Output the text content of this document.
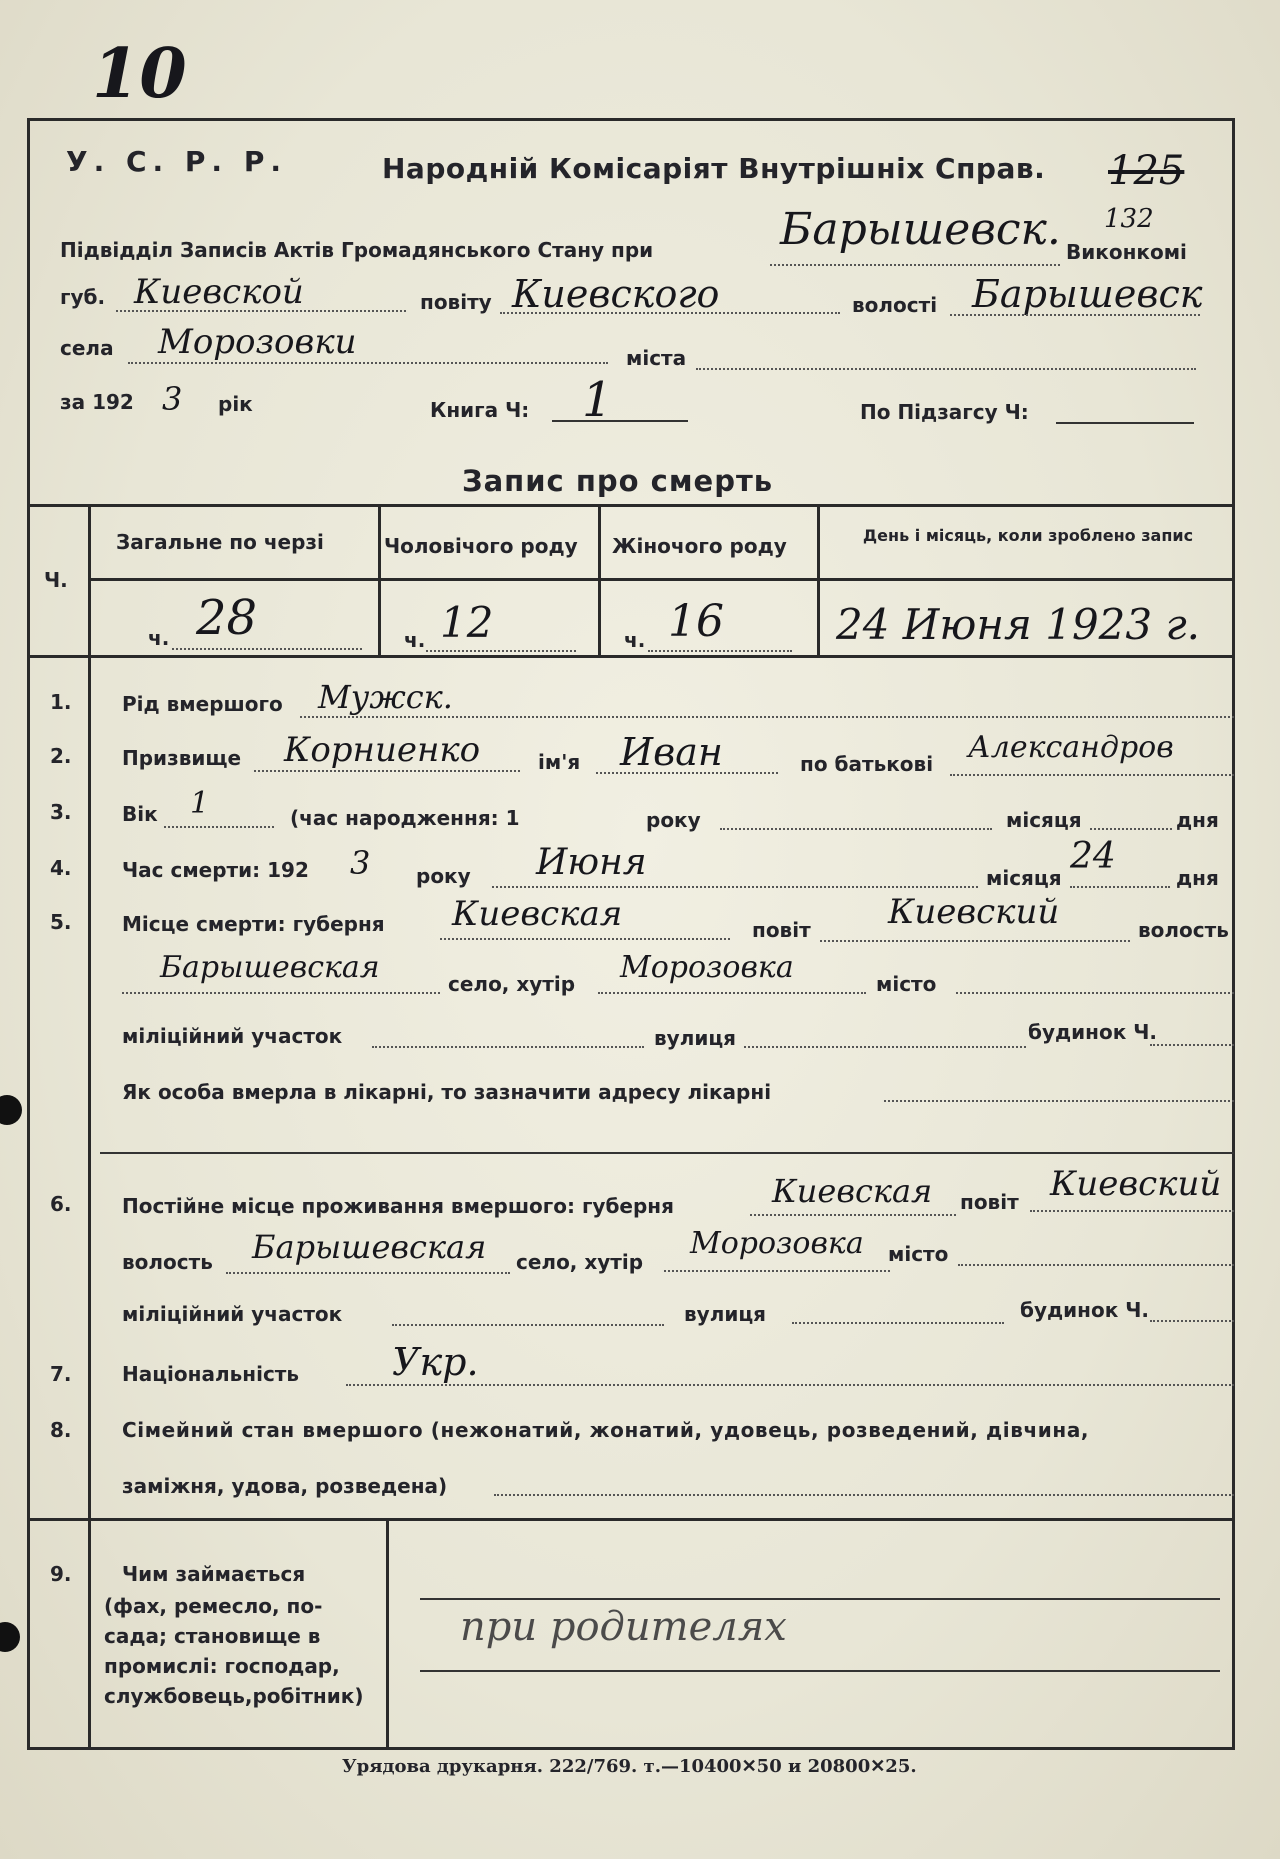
10
У. С. Р. Р.	Народній Комісаріят Внутрішніх Справ. 125
132
Підвідділ Записів Актів Громадянського Стану при	Барышевск. Виконкомі
губ. Киевской	повіту Киевского	волості Барышевск
села Морозовки	міста
за 192 3 рік	Книга Ч: 1	По Підзагсу Ч:
Запис про смерть
Ч.
Загальне по черзі	Чоловічого роду Жіночого роду	День і місяць, коли зроблено запис
ч. 28	ч. 12	ч. 16	24 Июня 1923 г.
1.	Рід вмершого Мужск.
2.	Призвище Корниенко	ім'я Иван	по батькові Александров
3.	Вік 1	(час народження: 1	року	місяця	дня
4.	Час смерти: 192 3 року Июня	місяця
24
дня
5.	Місце смерти: губерня Киевская	повіт Киевский	волость
Барышевская	село, хутір Морозовка	місто
міліційний участок	вулиця	будинок Ч.
Як особа вмерла в лікарні, то зазначити адресу лікарні
6.	Постійне місце проживання вмершого: губерня	Киевская повіт Киевский
волость Барышевская село, хутір
Морозовка місто
міліційний участок	вулиця	будинок Ч.
7.	Національність Укр.
8.	Сімейний стан вмершого (нежонатий, жонатий, удовець, розведений, дівчина,
заміжня, удова, розведена)
9.	Чим займається
(фах, ремесло, по-
сада; становище в
промислі: господар,
службовець,робітник)
при родителях
Урядова друкарня. 222/769. т.—10400✕50 и 20800✕25.
